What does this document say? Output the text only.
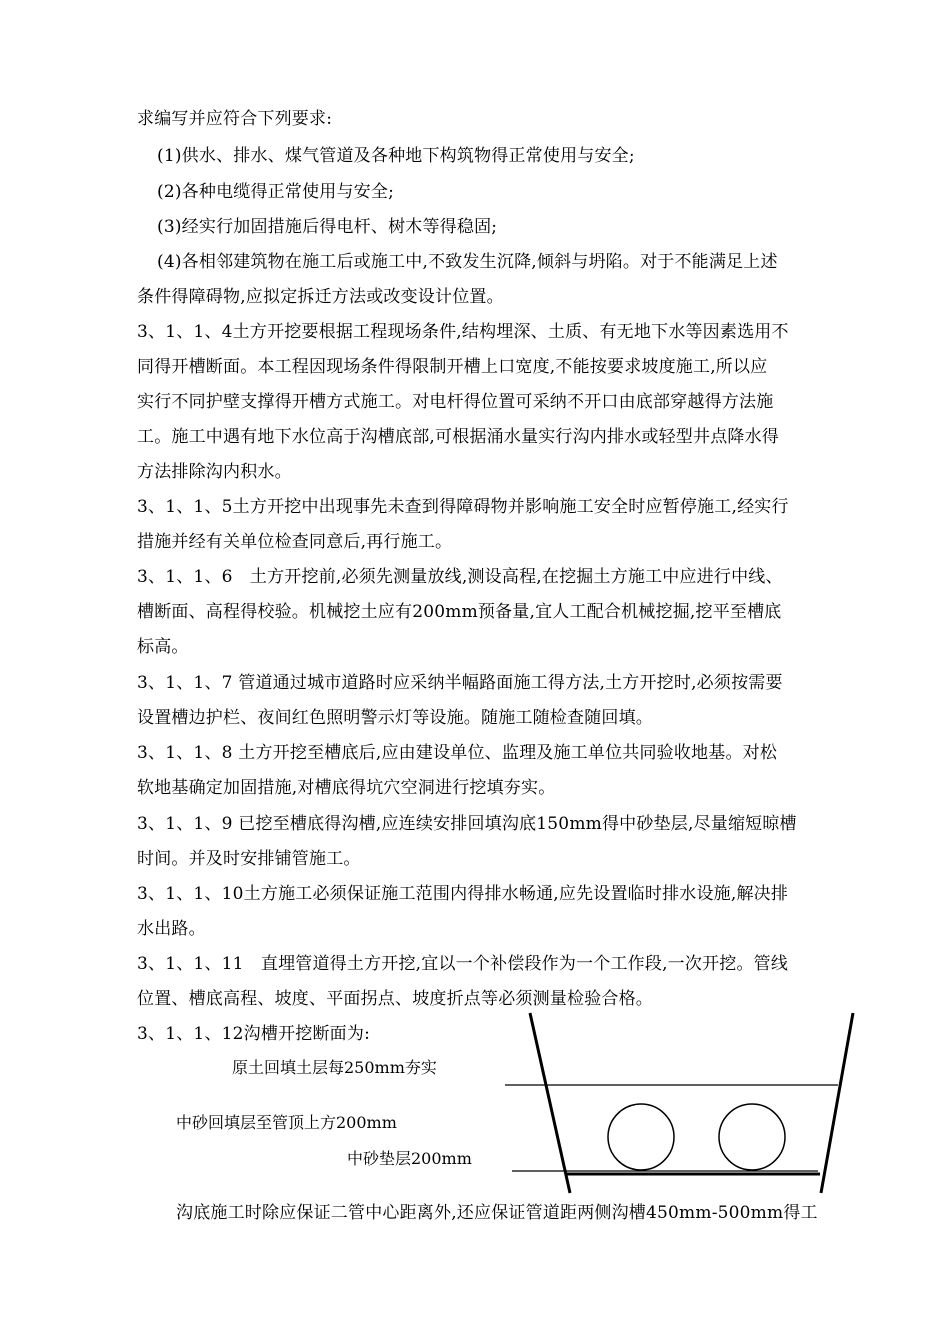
求编写并应符合下列要求:
(1)供水、排水、煤气管道及各种地下构筑物得正常使用与安全;
(2)各种电缆得正常使用与安全;
(3)经实行加固措施后得电杆、树木等得稳固;
(4)各相邻建筑物在施工后或施工中,不致发生沉降,倾斜与坍陷。对于不能满足上述
条件得障碍物,应拟定拆迁方法或改变设计位置。
3、1、1、4土方开挖要根据工程现场条件,结构埋深、土质、有无地下水等因素选用不
同得开槽断面。本工程因现场条件得限制开槽上口宽度,不能按要求坡度施工,所以应
实行不同护壁支撑得开槽方式施工。对电杆得位置可采纳不开口由底部穿越得方法施
工。施工中遇有地下水位高于沟槽底部,可根据涌水量实行沟内排水或轻型井点降水得
方法排除沟内积水。
3、1、1、5土方开挖中出现事先未查到得障碍物并影响施工安全时应暂停施工,经实行
措施并经有关单位检查同意后,再行施工。
3、1、1、6　土方开挖前,必须先测量放线,测设高程,在挖掘土方施工中应进行中线、
槽断面、高程得校验。机械挖土应有200mm预备量,宜人工配合机械挖掘,挖平至槽底
标高。
3、1、1、7 管道通过城市道路时应采纳半幅路面施工得方法,土方开挖时,必须按需要
设置槽边护栏、夜间红色照明警示灯等设施。随施工随检查随回填。
3、1、1、8 土方开挖至槽底后,应由建设单位、监理及施工单位共同验收地基。对松
软地基确定加固措施,对槽底得坑穴空洞进行挖填夯实。
3、1、1、9 已挖至槽底得沟槽,应连续安排回填沟底150mm得中砂垫层,尽量缩短晾槽
时间。并及时安排铺管施工。
3、1、1、10土方施工必须保证施工范围内得排水畅通,应先设置临时排水设施,解决排
水出路。
3、1、1、11　直埋管道得土方开挖,宜以一个补偿段作为一个工作段,一次开挖。管线
位置、槽底高程、坡度、平面拐点、坡度折点等必须测量检验合格。
3、1、1、12沟槽开挖断面为:
原土回填土层每250mm夯实
中砂回填层至管顶上方200mm
中砂垫层200mm
沟底施工时除应保证二管中心距离外,还应保证管道距两侧沟槽450mm-500mm得工
